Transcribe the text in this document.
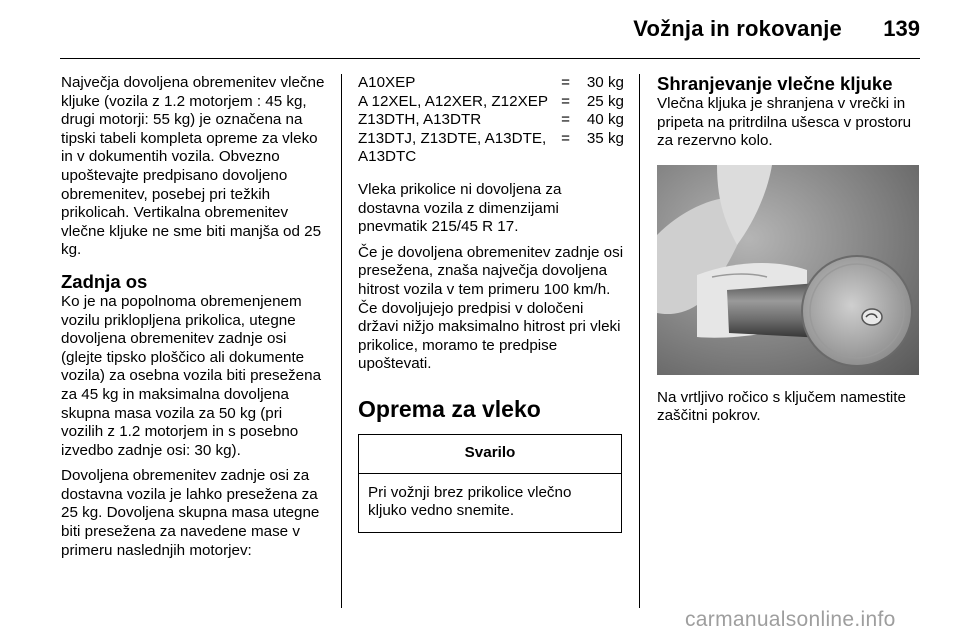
Vožnja in rokovanje 139

Največja dovoljena obremenitev vlečne kljuke (vozila z 1.2 motorjem : 45 kg, drugi motorji: 55 kg) je označena na tipski tabeli kompleta opreme za vleko in v dokumentih vozila. Obvezno upoštevajte predpisano dovoljeno obremenitev, posebej pri težkih prikolicah. Vertikalna obremenitev vlečne kljuke ne sme biti manjša od 25 kg.

Zadnja os

Ko je na popolnoma obremenjenem vozilu priklopljena prikolica, utegne dovoljena obremenitev zadnje osi (glejte tipsko ploščico ali dokumente vozila) za osebna vozila biti presežena za 45 kg in maksimalna dovoljena skupna masa vozila za 50 kg (pri vozilih z 1.2 motorjem in s posebno izvedbo zadnje osi: 30 kg).

Dovoljena obremenitev zadnje osi za dostavna vozila je lahko presežena za 25 kg. Dovoljena skupna masa utegne biti presežena za navedene mase v primeru naslednjih motorjev:

A10XEP	=	30 kg
A 12XEL, A12XER, Z12XEP	=	25 kg
Z13DTH, A13DTR	=	40 kg
Z13DTJ, Z13DTE, A13DTE, A13DTC	=	35 kg

Vleka prikolice ni dovoljena za dostavna vozila z dimenzijami pnevmatik 215/45 R 17.

Če je dovoljena obremenitev zadnje osi presežena, znaša največja dovoljena hitrost vozila v tem primeru 100 km/h. Če dovoljujejo predpisi v določeni državi nižjo maksimalno hitrost pri vleki prikolice, moramo te predpise upoštevati.

Oprema za vleko
Svarilo
Pri vožnji brez prikolice vlečno kljuko vedno snemite.
Shranjevanje vlečne kljuke

Vlečna kljuka je shranjena v vrečki in pripeta na pritrdilna ušesca v prostoru za rezervno kolo.

Na vrtljivo ročico s ključem namestite zaščitni pokrov.

carmanualsonline.info
